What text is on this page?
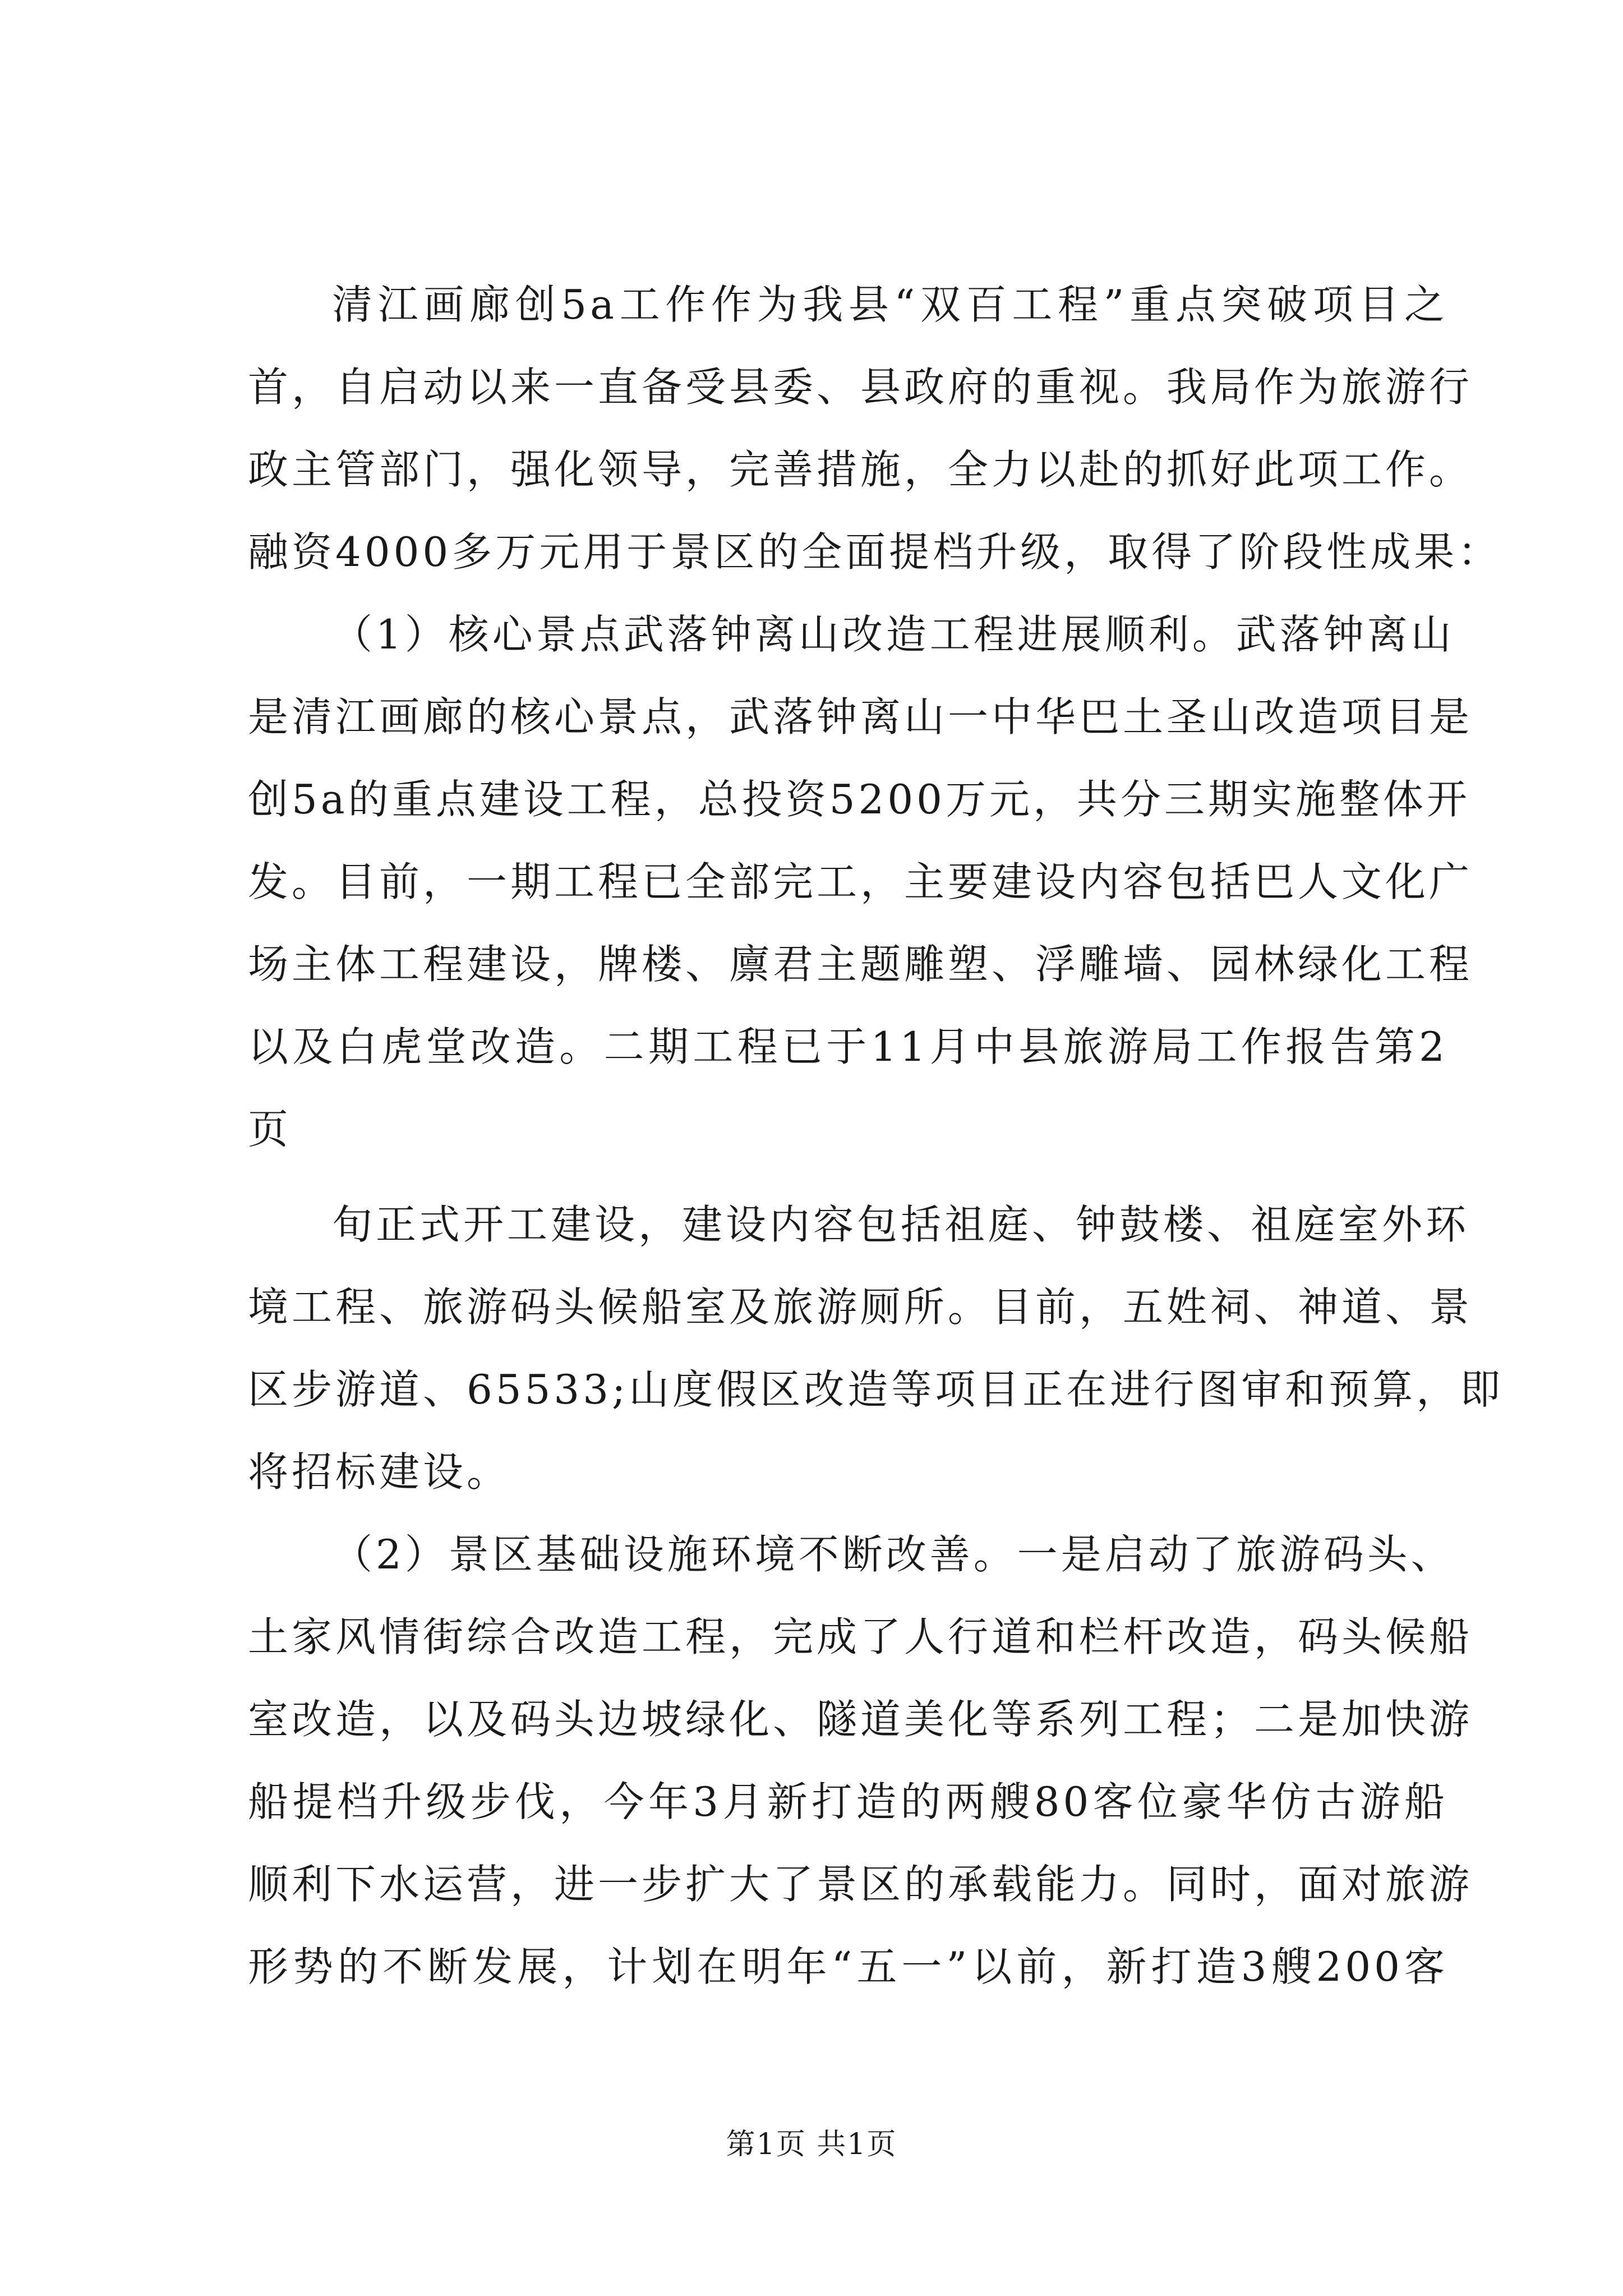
清江画廊创5a工作作为我县“双百工程”重点突破项目之
首，自启动以来一直备受县委、县政府的重视。我局作为旅游行
政主管部门，强化领导，完善措施，全力以赴的抓好此项工作。
融资4000多万元用于景区的全面提档升级，取得了阶段性成果：
（1）核心景点武落钟离山改造工程进展顺利。武落钟离山
是清江画廊的核心景点，武落钟离山一中华巴土圣山改造项目是
创5a的重点建设工程，总投资5200万元，共分三期实施整体开
发。目前，一期工程已全部完工，主要建设内容包括巴人文化广
场主体工程建设，牌楼、廪君主题雕塑、浮雕墙、园林绿化工程
以及白虎堂改造。二期工程已于11月中县旅游局工作报告第2
页
旬正式开工建设，建设内容包括祖庭、钟鼓楼、祖庭室外环
境工程、旅游码头候船室及旅游厕所。目前，五姓祠、神道、景
区步游道、65533;山度假区改造等项目正在进行图审和预算，即
将招标建设。
（2）景区基础设施环境不断改善。一是启动了旅游码头、
土家风情街综合改造工程，完成了人行道和栏杆改造，码头候船
室改造，以及码头边坡绿化、隧道美化等系列工程；二是加快游
船提档升级步伐，今年3月新打造的两艘80客位豪华仿古游船
顺利下水运营，进一步扩大了景区的承载能力。同时，面对旅游
形势的不断发展，计划在明年“五一”以前，新打造3艘200客
第1页 共1页
